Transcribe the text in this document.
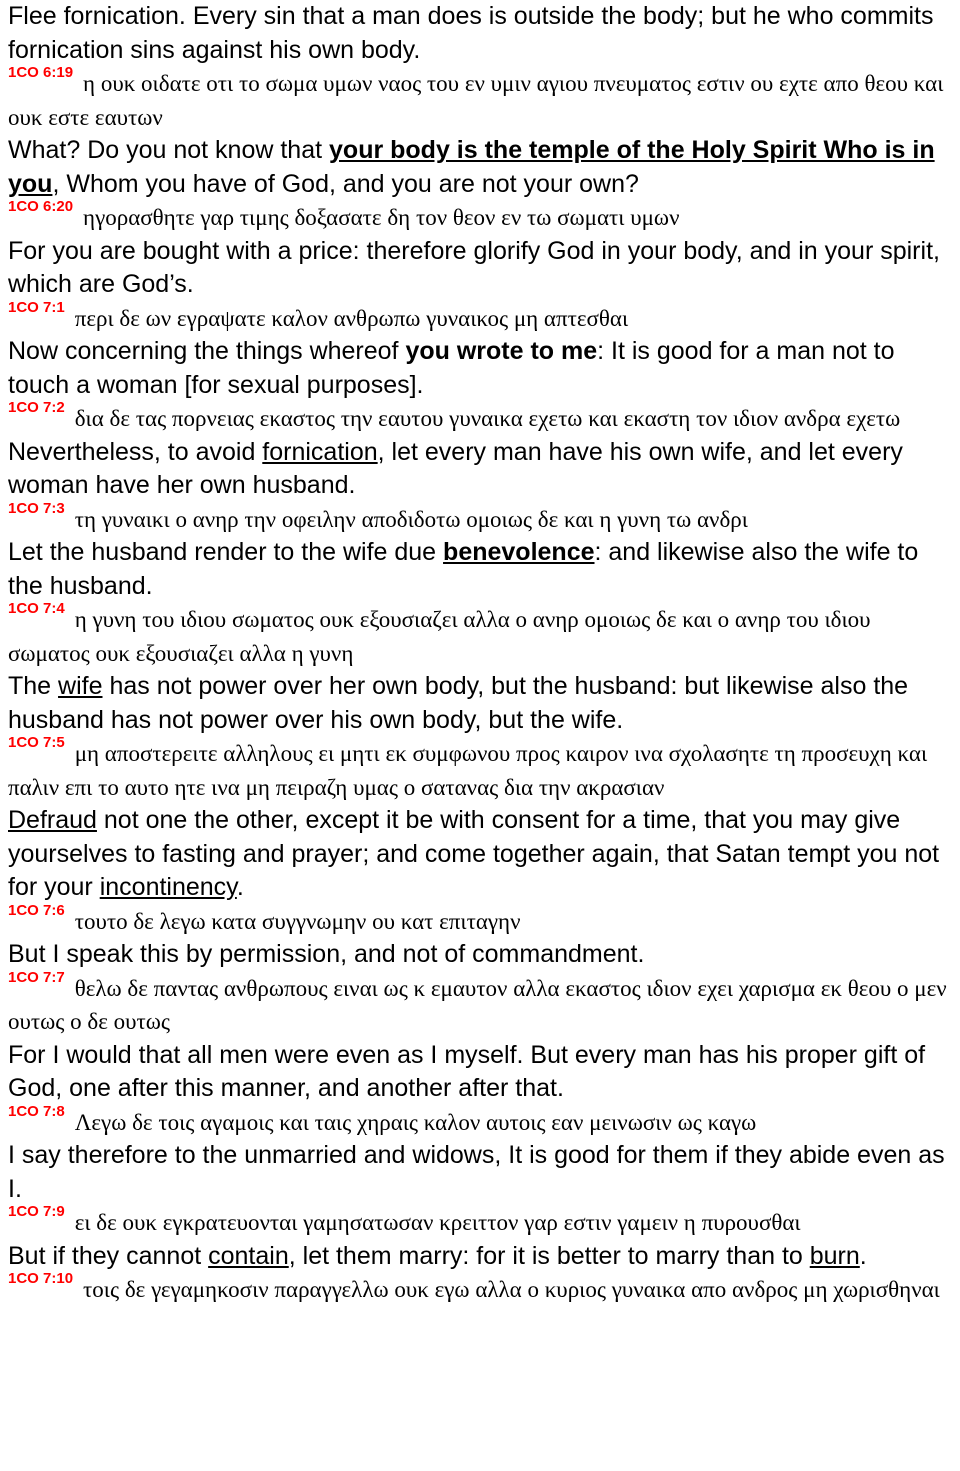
Flee fornication. Every sin that a man does is outside the body; but he who commits fornication sins against his own body.

$^{1CO 6:19}$ η ουκ οιδατε οτι το σωμα υμων ναος του εν υμιν αγιου πνευματος εστιν ου εχτε απο θεου και ουκ εστε εαυτων

What? Do you not know that your body is the temple of the Holy Spirit Who is in you, Whom you have of God, and you are not your own?

$^{1CO 6:20}$ ηγορασθητε γαρ τιμης δοξασατε δη τον θεον εν τω σωματι υμων

For you are bought with a price: therefore glorify God in your body, and in your spirit, which are God’s.

$^{1CO 7:1}$ περι δε ων εγραψατε καλον ανθρωπω γυναικος μη απτεσθαι

Now concerning the things whereof you wrote to me: It is good for a man not to touch a woman [for sexual purposes].

$^{1CO 7:2}$ δια δε τας πορνειας εκαστος την εαυτου γυναικα εχετω και εκαστη τον ιδιον ανδρα εχετω

Nevertheless, to avoid fornication, let every man have his own wife, and let every woman have her own husband.

$^{1CO 7:3}$ τη γυναικι ο ανηρ την οφειλην αποδιδοτω ομοιως δε και η γυνη τω ανδρι

Let the husband render to the wife due benevolence: and likewise also the wife to the husband.

$^{1CO 7:4}$ η γυνη του ιδιου σωματος ουκ εξουσιαζει αλλα ο ανηρ ομοιως δε και ο ανηρ του ιδιου σωματος ουκ εξουσιαζει αλλα η γυνη

The wife has not power over her own body, but the husband: but likewise also the husband has not power over his own body, but the wife.

$^{1CO 7:5}$ μη αποστερειτε αλληλους ει μητι εκ συμφωνου προς καιρον ινα σχολασητε τη προσευχη και παλιν επι το αυτο ητε ινα μη πειραζη υμας ο σατανας δια την ακρασιαν

Defraud not one the other, except it be with consent for a time, that you may give yourselves to fasting and prayer; and come together again, that Satan tempt you not for your incontinency.

$^{1CO 7:6}$ τουτο δε λεγω κατα συγγνωμην ου κατ επιταγην

But I speak this by permission, and not of commandment.

$^{1CO 7:7}$ θελω δε παντας ανθρωπους ειναι ως κ εμαυτον αλλα εκαστος ιδιον εχει χαρισμα εκ θεου ο μεν ουτως ο δε ουτως

For I would that all men were even as I myself. But every man has his proper gift of God, one after this manner, and another after that.

$^{1CO 7:8}$ Λεγω δε τοις αγαμοις και ταις χηραις καλον αυτοις εαν μεινωσιν ως καγω

I say therefore to the unmarried and widows, It is good for them if they abide even as I.

$^{1CO 7:9}$ ει δε ουκ εγκρατευονται γαμησατωσαν κρειττον γαρ εστιν γαμειν η πυρουσθαι

But if they cannot contain, let them marry: for it is better to marry than to burn.

$^{1CO 7:10}$ τοις δε γεγαμηκοσιν παραγγελλω ουκ εγω αλλα ο κυριος γυναικα απο ανδρος μη χωρισθηναι
